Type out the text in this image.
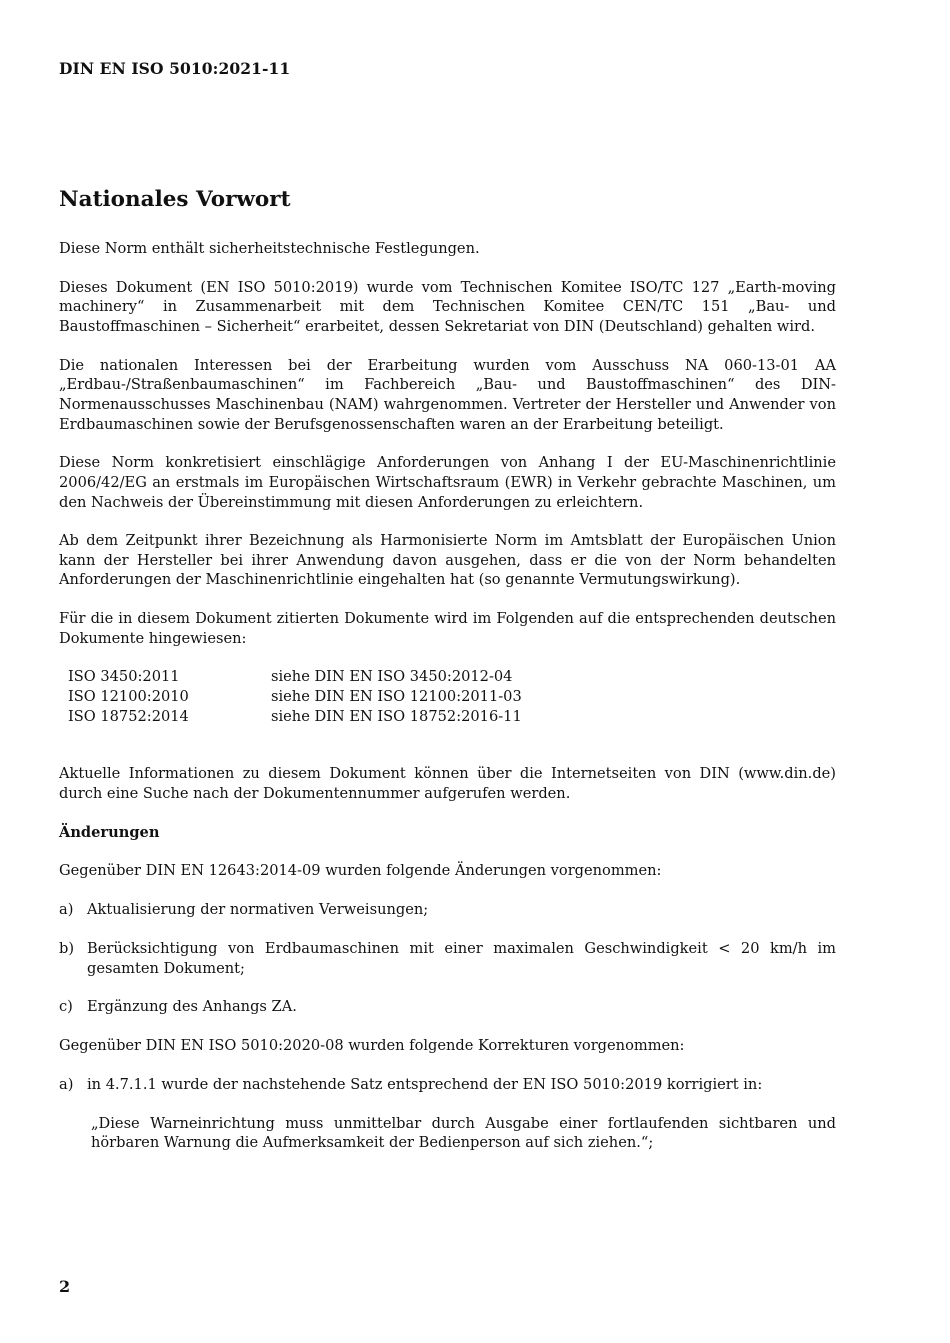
DIN EN ISO 5010:2021-11
Nationales Vorwort

Diese Norm enthält sicherheitstechnische Festlegungen.

Dieses Dokument (EN ISO 5010:2019) wurde vom Technischen Komitee ISO/TC 127 „Earth-moving machinery“ in Zusammenarbeit mit dem Technischen Komitee CEN/TC 151 „Bau- und Baustoffmaschinen – Sicherheit“ erarbeitet, dessen Sekretariat von DIN (Deutschland) gehalten wird.

Die nationalen Interessen bei der Erarbeitung wurden vom Ausschuss NA 060-13-01 AA „Erdbau-/Straßenbaumaschinen“ im Fachbereich „Bau- und Baustoffmaschinen“ des DIN-Normenausschusses Maschinenbau (NAM) wahrgenommen. Vertreter der Hersteller und Anwender von Erdbaumaschinen sowie der Berufsgenossenschaften waren an der Erarbeitung beteiligt.

Diese Norm konkretisiert einschlägige Anforderungen von Anhang I der EU-Maschinenrichtlinie 2006/42/EG an erstmals im Europäischen Wirtschaftsraum (EWR) in Verkehr gebrachte Maschinen, um den Nachweis der Übereinstimmung mit diesen Anforderungen zu erleichtern.

Ab dem Zeitpunkt ihrer Bezeichnung als Harmonisierte Norm im Amtsblatt der Europäischen Union kann der Hersteller bei ihrer Anwendung davon ausgehen, dass er die von der Norm behandelten Anforderungen der Maschinenrichtlinie eingehalten hat (so genannte Vermutungswirkung).

Für die in diesem Dokument zitierten Dokumente wird im Folgenden auf die entsprechenden deutschen Dokumente hingewiesen:

ISO 3450:2011	siehe DIN EN ISO 3450:2012-04
ISO 12100:2010	siehe DIN EN ISO 12100:2011-03
ISO 18752:2014	siehe DIN EN ISO 18752:2016-11

Aktuelle Informationen zu diesem Dokument können über die Internetseiten von DIN (www.din.de) durch eine Suche nach der Dokumentennummer aufgerufen werden.

Änderungen

Gegenüber DIN EN 12643:2014-09 wurden folgende Änderungen vorgenommen:

a) Aktualisierung der normativen Verweisungen;
b) Berücksichtigung von Erdbaumaschinen mit einer maximalen Geschwindigkeit < 20 km/h im gesamten Dokument;
c) Ergänzung des Anhangs ZA.

Gegenüber DIN EN ISO 5010:2020-08 wurden folgende Korrekturen vorgenommen:

a) in 4.7.1.1 wurde der nachstehende Satz entsprechend der EN ISO 5010:2019 korrigiert in:
„Diese Warneinrichtung muss unmittelbar durch Ausgabe einer fortlaufenden sichtbaren und hörbaren Warnung die Aufmerksamkeit der Bedienperson auf sich ziehen.“;
2
